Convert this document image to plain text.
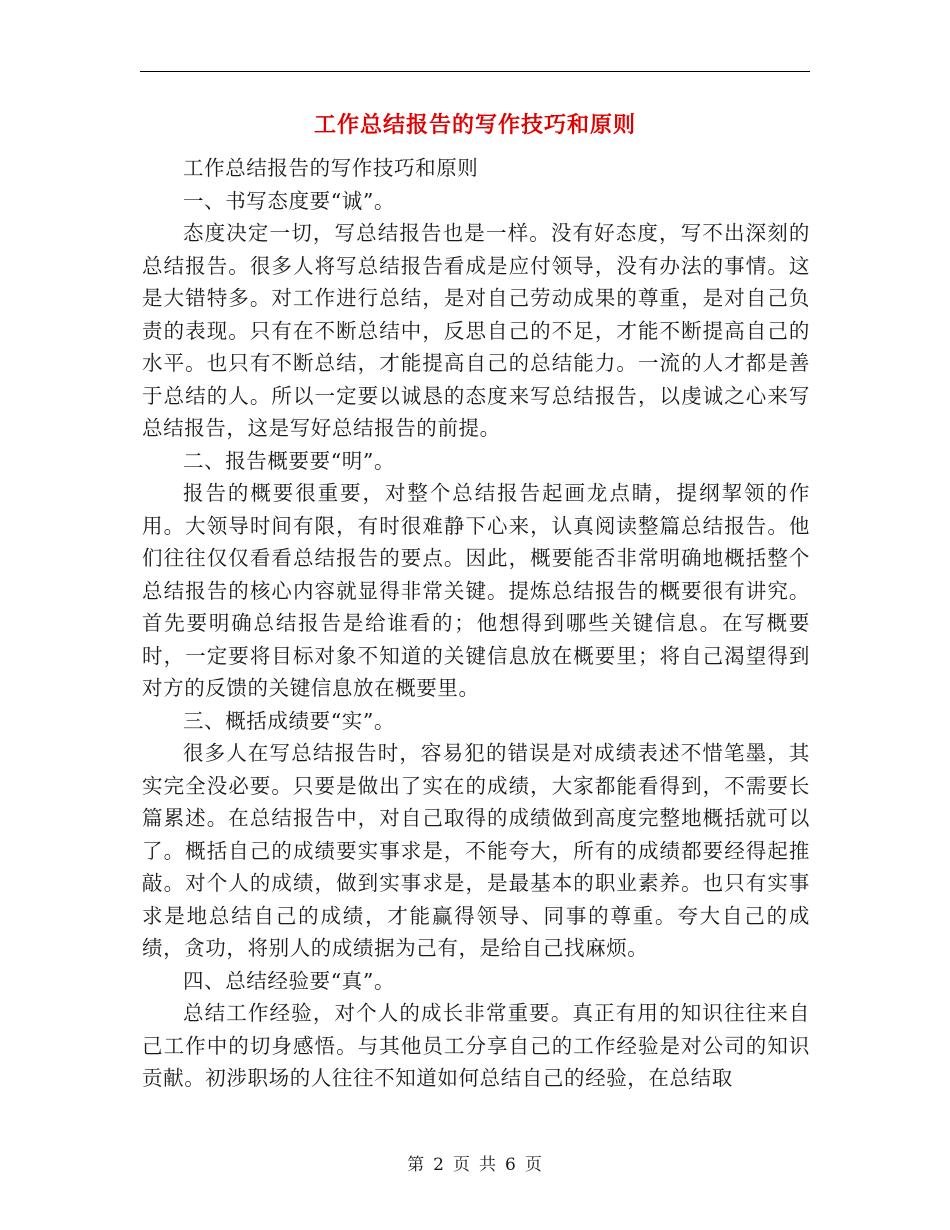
工作总结报告的写作技巧和原则

工作总结报告的写作技巧和原则

一、书写态度要“诚”。

态度决定一切，写总结报告也是一样。没有好态度，写不出深刻的总结报告。很多人将写总结报告看成是应付领导，没有办法的事情。这是大错特多。对工作进行总结，是对自己劳动成果的尊重，是对自己负责的表现。只有在不断总结中，反思自己的不足，才能不断提高自己的水平。也只有不断总结，才能提高自己的总结能力。一流的人才都是善于总结的人。所以一定要以诚恳的态度来写总结报告，以虔诚之心来写总结报告，这是写好总结报告的前提。

二、报告概要要“明”。

报告的概要很重要，对整个总结报告起画龙点睛，提纲挈领的作用。大领导时间有限，有时很难静下心来，认真阅读整篇总结报告。他们往往仅仅看看总结报告的要点。因此，概要能否非常明确地概括整个总结报告的核心内容就显得非常关键。提炼总结报告的概要很有讲究。首先要明确总结报告是给谁看的；他想得到哪些关键信息。在写概要时，一定要将目标对象不知道的关键信息放在概要里；将自己渴望得到对方的反馈的关键信息放在概要里。

三、概括成绩要“实”。

很多人在写总结报告时，容易犯的错误是对成绩表述不惜笔墨，其实完全没必要。只要是做出了实在的成绩，大家都能看得到，不需要长篇累述。在总结报告中，对自己取得的成绩做到高度完整地概括就可以了。概括自己的成绩要实事求是，不能夸大，所有的成绩都要经得起推敲。对个人的成绩，做到实事求是，是最基本的职业素养。也只有实事求是地总结自己的成绩，才能赢得领导、同事的尊重。夸大自己的成绩，贪功，将别人的成绩据为己有，是给自己找麻烦。

四、总结经验要“真”。

总结工作经验，对个人的成长非常重要。真正有用的知识往往来自己工作中的切身感悟。与其他员工分享自己的工作经验是对公司的知识贡献。初涉职场的人往往不知道如何总结自己的经验，在总结取

第 2 页 共 6 页
